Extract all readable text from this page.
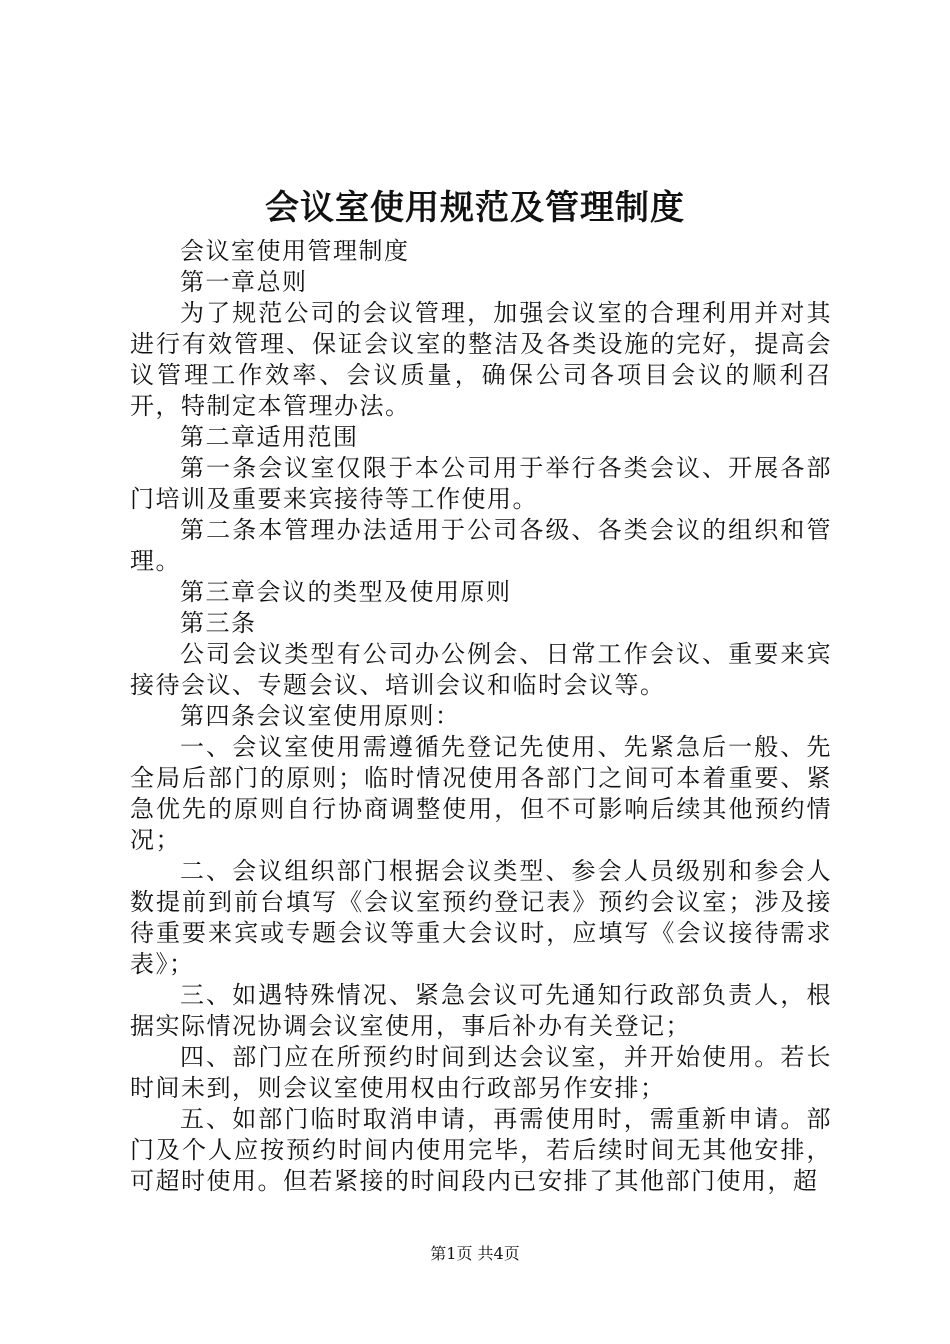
会议室使用规范及管理制度

会议室使用管理制度

第一章总则

为了规范公司的会议管理，加强会议室的合理利用并对其进行有效管理、保证会议室的整洁及各类设施的完好，提高会议管理工作效率、会议质量，确保公司各项目会议的顺利召开，特制定本管理办法。

第二章适用范围

第一条会议室仅限于本公司用于举行各类会议、开展各部门培训及重要来宾接待等工作使用。

第二条本管理办法适用于公司各级、各类会议的组织和管理。

第三章会议的类型及使用原则

第三条

公司会议类型有公司办公例会、日常工作会议、重要来宾接待会议、专题会议、培训会议和临时会议等。

第四条会议室使用原则：

一、会议室使用需遵循先登记先使用、先紧急后一般、先全局后部门的原则；临时情况使用各部门之间可本着重要、紧急优先的原则自行协商调整使用，但不可影响后续其他预约情况；

二、会议组织部门根据会议类型、参会人员级别和参会人数提前到前台填写《会议室预约登记表》预约会议室；涉及接待重要来宾或专题会议等重大会议时，应填写《会议接待需求表》；

三、如遇特殊情况、紧急会议可先通知行政部负责人，根据实际情况协调会议室使用，事后补办有关登记；

四、部门应在所预约时间到达会议室，并开始使用。若长时间未到，则会议室使用权由行政部另作安排；

五、如部门临时取消申请，再需使用时，需重新申请。部门及个人应按预约时间内使用完毕，若后续时间无其他安排，可超时使用。但若紧接的时间段内已安排了其他部门使用，超

第1页 共4页
